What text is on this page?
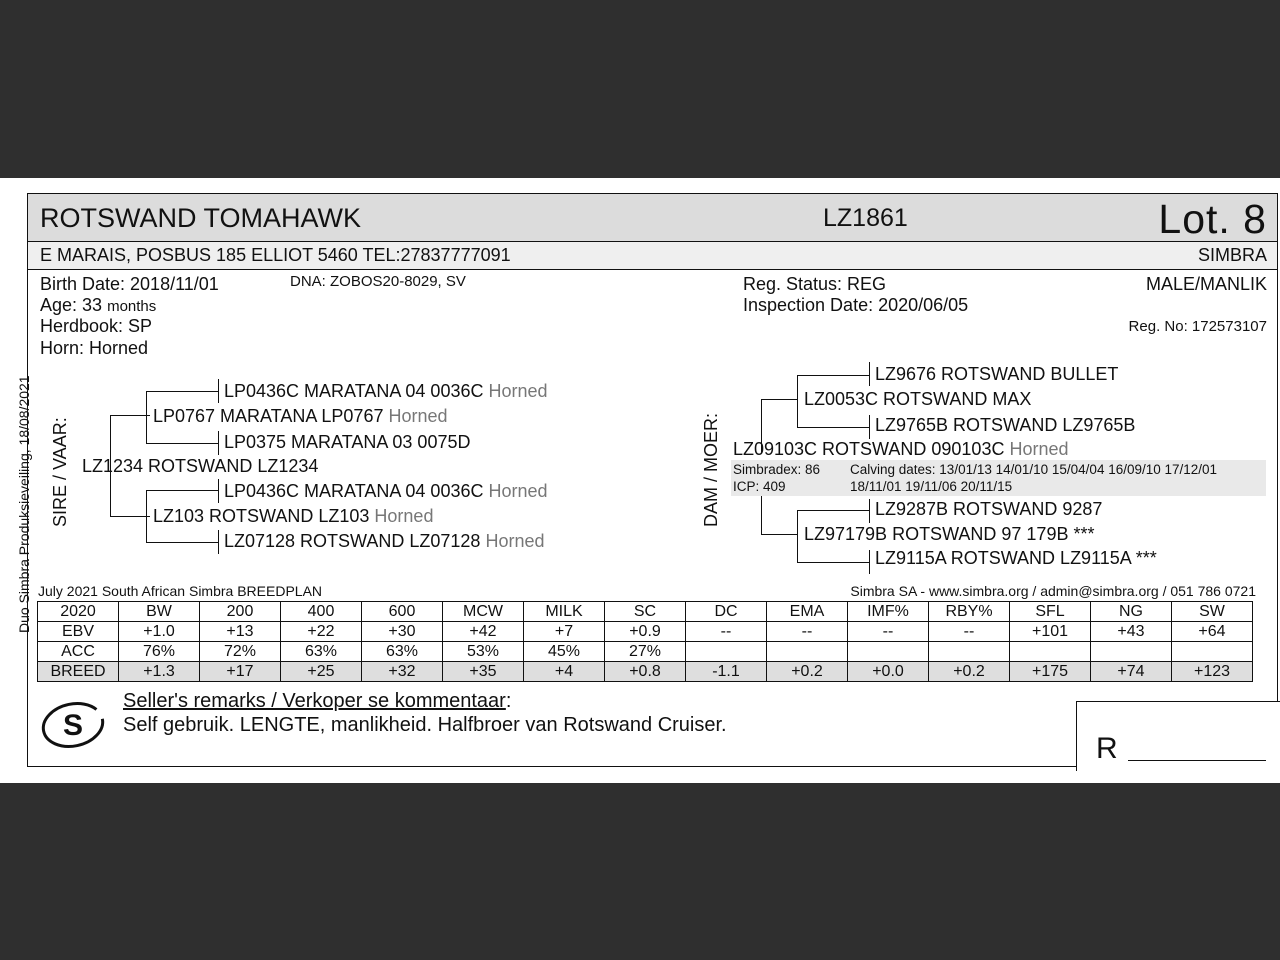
Duo Simbra Produksieveiling, 18/08/2021
ROTSWAND TOMAHAWK	LZ1861	Lot. 8
E MARAIS, POSBUS 185 ELLIOT 5460 TEL:27837777091	SIMBRA
Birth Date: 2018/11/01	DNA: ZOBOS20-8029, SV
Age: 33 months
Herdbook: SP
Horn: Horned
Reg. Status: REG
Inspection Date: 2020/06/05
MALE/MANLIK
Reg. No: 172573107
SIRE / VAAR:
LP0436C MARATANA 04 0036C Horned
LP0767 MARATANA LP0767 Horned
LP0375 MARATANA 03 0075D
LZ1234 ROTSWAND LZ1234
LP0436C MARATANA 04 0036C Horned
LZ103 ROTSWAND LZ103 Horned
LZ07128 ROTSWAND LZ07128 Horned
DAM / MOER:
LZ9676 ROTSWAND BULLET
LZ0053C ROTSWAND MAX
LZ9765B ROTSWAND LZ9765B
LZ09103C ROTSWAND 090103C Horned
Simbradex: 86
ICP: 409
Calving dates: 13/01/13 14/01/10 15/04/04 16/09/10 17/12/01
18/11/01 19/11/06 20/11/15
LZ9287B ROTSWAND 9287
LZ97179B ROTSWAND 97 179B ***
LZ9115A ROTSWAND LZ9115A ***
July 2021 South African Simbra BREEDPLAN	Simbra SA - www.simbra.org / admin@simbra.org / 051 786 0721
2020	BW	200	400	600	MCW	MILK	SC	DC	EMA	IMF%	RBY%	SFL	NG	SW
EBV	+1.0	+13	+22	+30	+42	+7	+0.9	--	--	--	--	+101	+43	+64
ACC	76%	72%	63%	63%	53%	45%	27%							
BREED	+1.3	+17	+25	+32	+35	+4	+0.8	-1.1	+0.2	+0.0	+0.2	+175	+74	+123
S
Seller's remarks / Verkoper se kommentaar:
Self gebruik. LENGTE, manlikheid. Halfbroer van Rotswand Cruiser.
R
